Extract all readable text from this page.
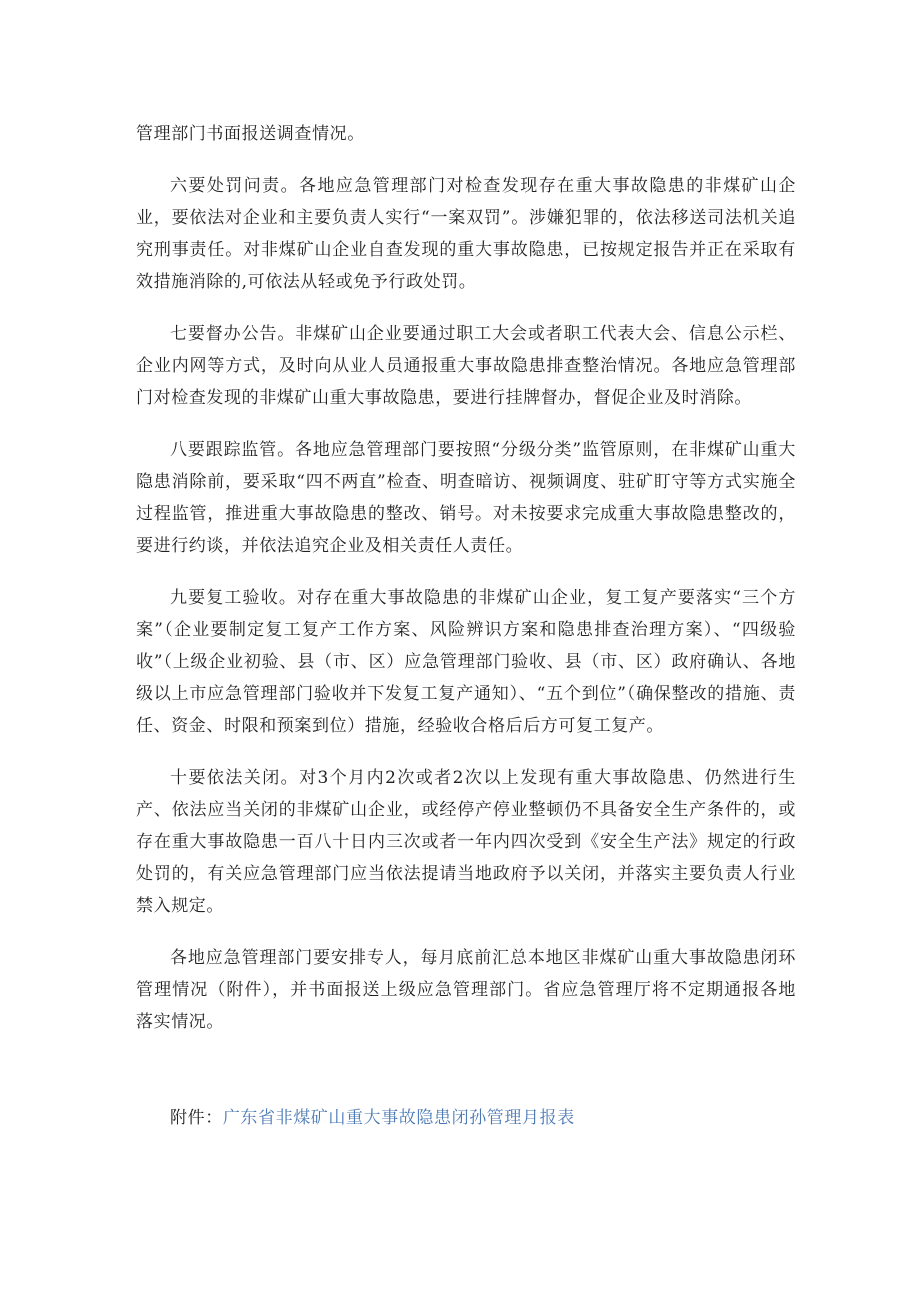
管理部门书面报送调查情况。

六要处罚问责。各地应急管理部门对检查发现存在重大事故隐患的非煤矿山企业，要依法对企业和主要负责人实行“一案双罚”。涉嫌犯罪的，依法移送司法机关追究刑事责任。对非煤矿山企业自查发现的重大事故隐患，已按规定报告并正在采取有效措施消除的,可依法从轻或免予行政处罚。

七要督办公告。非煤矿山企业要通过职工大会或者职工代表大会、信息公示栏、企业内网等方式，及时向从业人员通报重大事故隐患排查整治情况。各地应急管理部门对检查发现的非煤矿山重大事故隐患，要进行挂牌督办，督促企业及时消除。

八要跟踪监管。各地应急管理部门要按照“分级分类”监管原则，在非煤矿山重大隐患消除前，要采取“四不两直”检查、明查暗访、视频调度、驻矿盯守等方式实施全过程监管，推进重大事故隐患的整改、销号。对未按要求完成重大事故隐患整改的，要进行约谈，并依法追究企业及相关责任人责任。

九要复工验收。对存在重大事故隐患的非煤矿山企业，复工复产要落实“三个方案”（企业要制定复工复产工作方案、风险辨识方案和隐患排查治理方案）、“四级验收”（上级企业初验、县（市、区）应急管理部门验收、县（市、区）政府确认、各地级以上市应急管理部门验收并下发复工复产通知）、“五个到位”（确保整改的措施、责任、资金、时限和预案到位）措施，经验收合格后后方可复工复产。

十要依法关闭。对3个月内2次或者2次以上发现有重大事故隐患、仍然进行生产、依法应当关闭的非煤矿山企业，或经停产停业整顿仍不具备安全生产条件的，或存在重大事故隐患一百八十日内三次或者一年内四次受到《安全生产法》规定的行政处罚的，有关应急管理部门应当依法提请当地政府予以关闭，并落实主要负责人行业禁入规定。

各地应急管理部门要安排专人，每月底前汇总本地区非煤矿山重大事故隐患闭环管理情况（附件），并书面报送上级应急管理部门。省应急管理厅将不定期通报各地落实情况。

附件：广东省非煤矿山重大事故隐患闭孙管理月报表
